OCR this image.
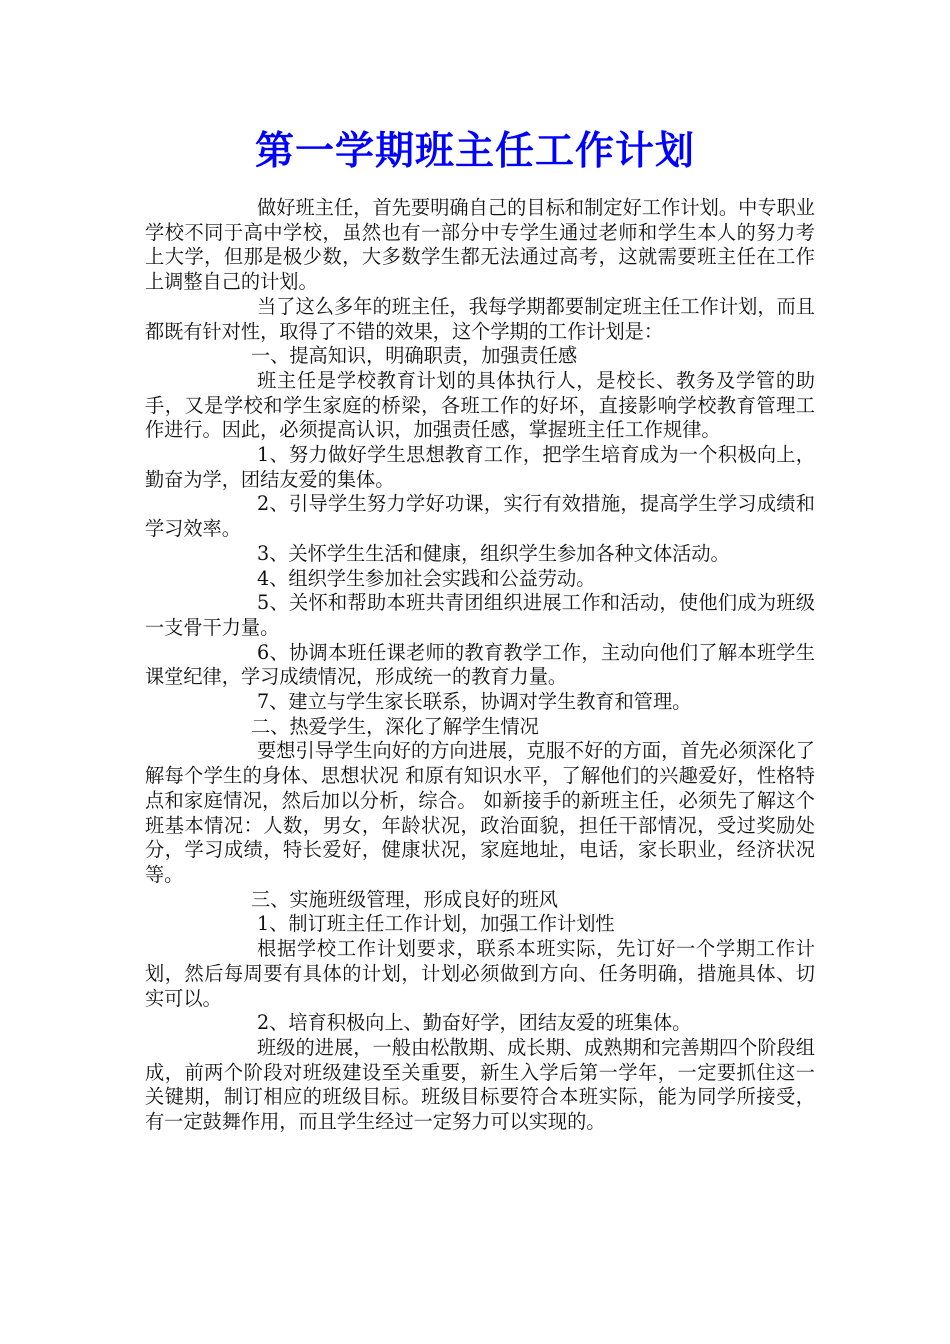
第一学期班主任工作计划

做好班主任，首先要明确自己的目标和制定好工作计划。中专职业学校不同于高中学校，虽然也有一部分中专学生通过老师和学生本人的努力考上大学，但那是极少数，大多数学生都无法通过高考，这就需要班主任在工作上调整自己的计划。

当了这么多年的班主任，我每学期都要制定班主任工作计划，而且都既有针对性，取得了不错的效果，这个学期的工作计划是：

一、提高知识，明确职责，加强责任感

班主任是学校教育计划的具体执行人，是校长、教务及学管的助手，又是学校和学生家庭的桥梁，各班工作的好坏，直接影响学校教育管理工作进行。因此，必须提高认识，加强责任感，掌握班主任工作规律。

1、努力做好学生思想教育工作，把学生培育成为一个积极向上，勤奋为学，团结友爱的集体。

2、引导学生努力学好功课，实行有效措施，提高学生学习成绩和学习效率。

3、关怀学生生活和健康，组织学生参加各种文体活动。

4、组织学生参加社会实践和公益劳动。

5、关怀和帮助本班共青团组织进展工作和活动，使他们成为班级一支骨干力量。

6、协调本班任课老师的教育教学工作，主动向他们了解本班学生课堂纪律，学习成绩情况，形成统一的教育力量。

7、建立与学生家长联系，协调对学生教育和管理。

二、热爱学生，深化了解学生情况

要想引导学生向好的方向进展，克服不好的方面，首先必须深化了解每个学生的身体、思想状况 和原有知识水平，了解他们的兴趣爱好，性格特点和家庭情况，然后加以分析，综合。 如新接手的新班主任，必须先了解这个班基本情况：人数，男女，年龄状况，政治面貌，担任干部情况，受过奖励处分，学习成绩，特长爱好，健康状况，家庭地址，电话，家长职业，经济状况等。

三、实施班级管理，形成良好的班风

1、制订班主任工作计划，加强工作计划性

根据学校工作计划要求，联系本班实际，先订好一个学期工作计划，然后每周要有具体的计划，计划必须做到方向、任务明确，措施具体、切实可以。

2、培育积极向上、勤奋好学，团结友爱的班集体。

班级的进展，一般由松散期、成长期、成熟期和完善期四个阶段组成，前两个阶段对班级建设至关重要，新生入学后第一学年，一定要抓住这一关键期，制订相应的班级目标。班级目标要符合本班实际，能为同学所接受，有一定鼓舞作用，而且学生经过一定努力可以实现的。
